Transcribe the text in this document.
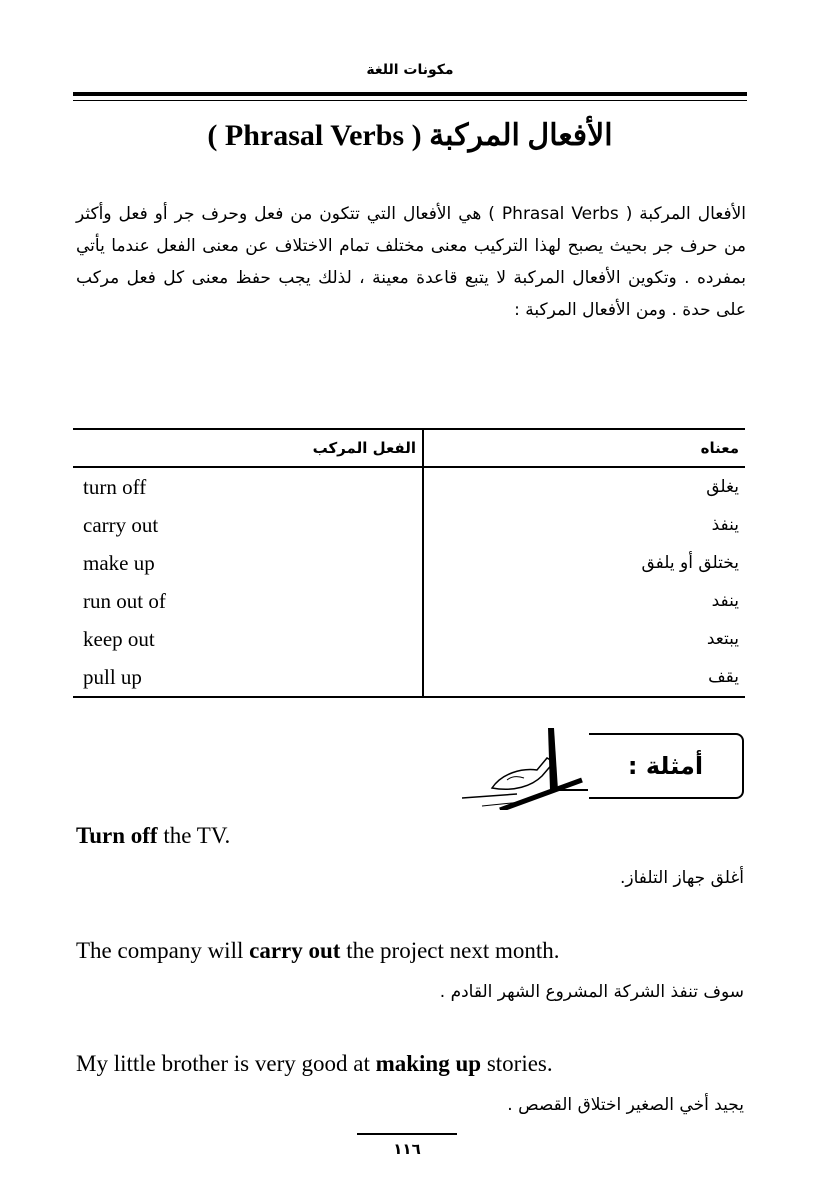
مكونات اللغة
الأفعال المركبة ( Phrasal Verbs )
الأفعال المركبة ( Phrasal Verbs ) هي الأفعال التي تتكون من فعل وحرف جر أو فعل وأكثر من حرف جر بحيث يصبح لهذا التركيب معنى مختلف تمام الاختلاف عن معنى الفعل عندما يأتي بمفرده . وتكوين الأفعال المركبة لا يتبع قاعدة معينة ، لذلك يجب حفظ معنى كل فعل مركب على حدة . ومن الأفعال المركبة :
الفعل المركب	معناه
turn off	يغلق
carry out	ينفذ
make up	يختلق أو يلفق
run out of	ينفد
keep out	يبتعد
pull up	يقف
أمثلة :
Turn off the TV.
أغلق جهاز التلفاز.
The company will carry out the project next month.
سوف تنفذ الشركة المشروع الشهر القادم .
My little brother is very good at making up stories.
يجيد أخي الصغير اختلاق القصص .
١١٦
